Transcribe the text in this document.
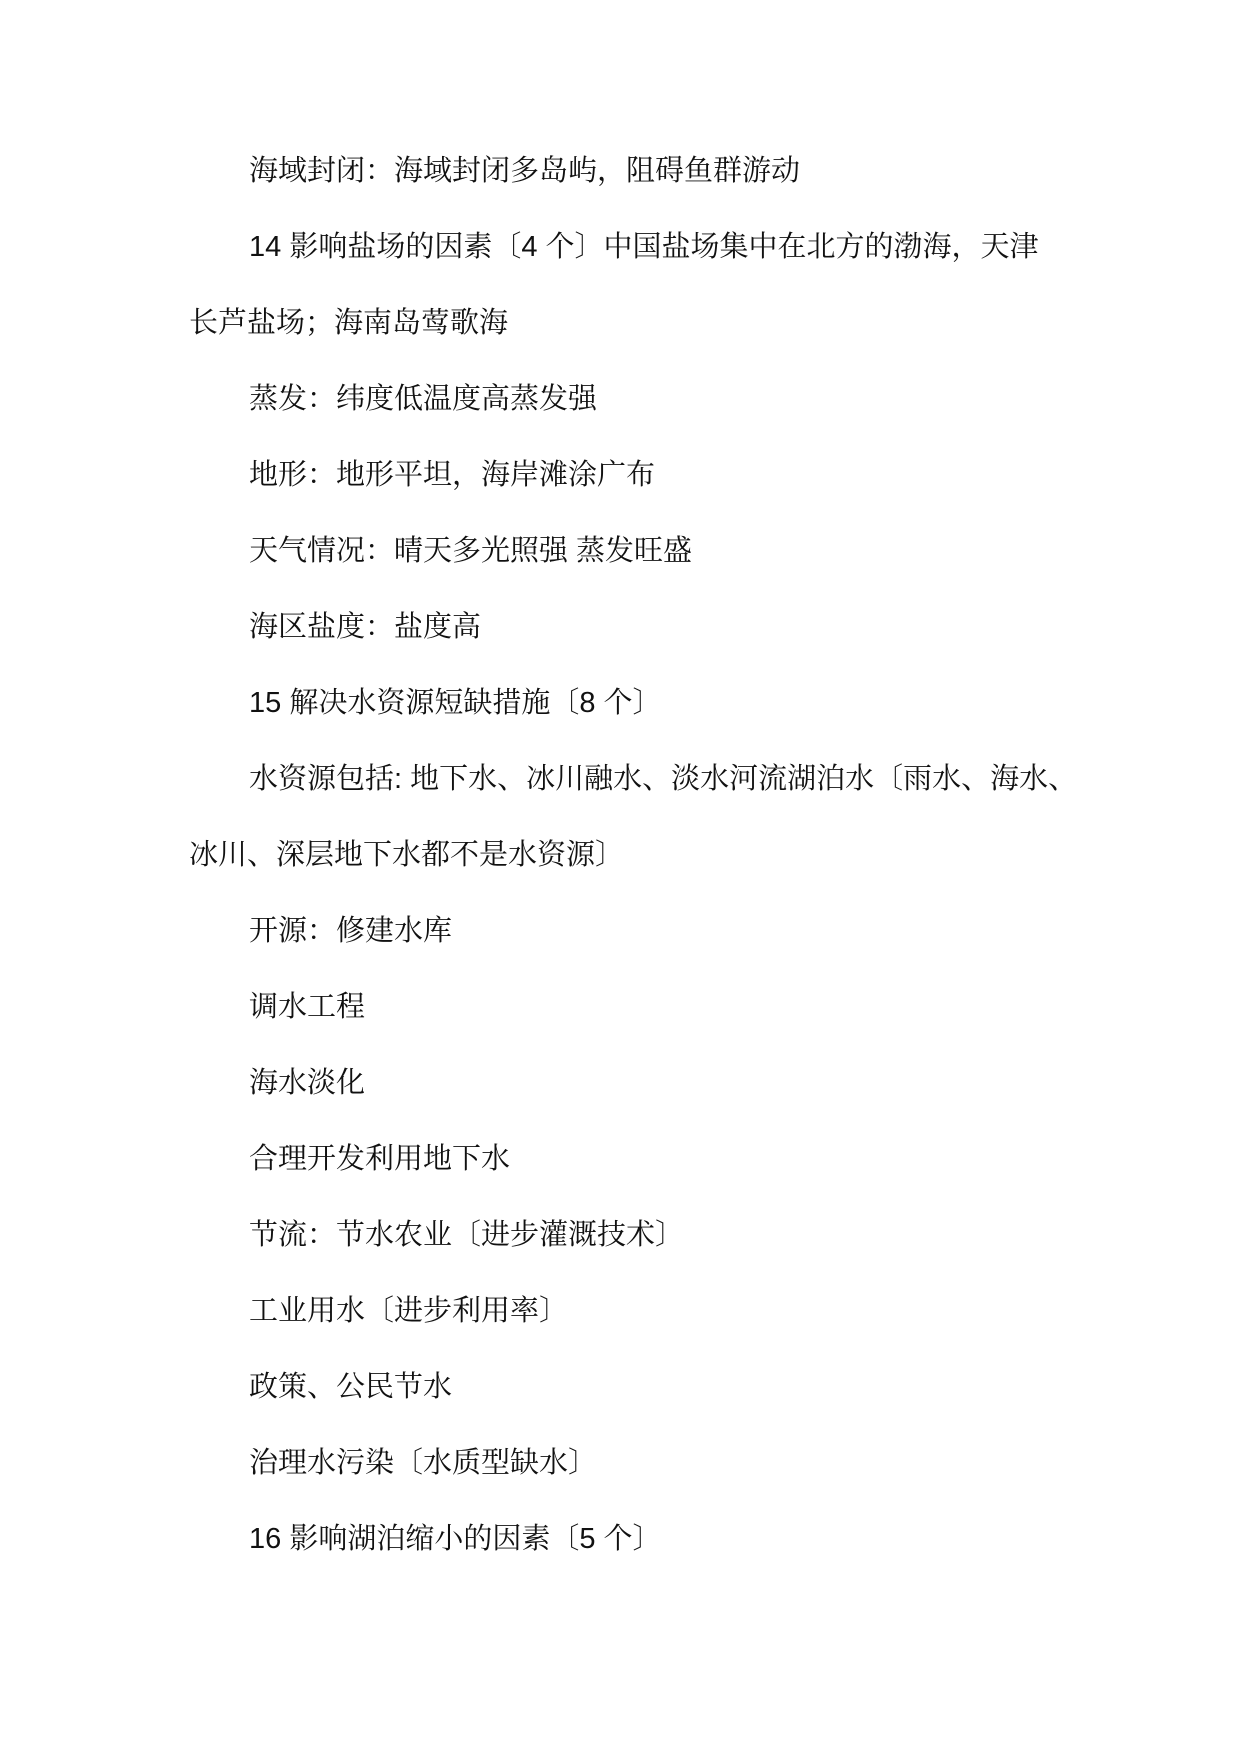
海域封闭：海域封闭多岛屿，阻碍鱼群游动
14 影响盐场的因素〔4 个〕中国盐场集中在北方的渤海，天津
长芦盐场；海南岛莺歌海
蒸发：纬度低温度高蒸发强
地形：地形平坦，海岸滩涂广布
天气情况：晴天多光照强 蒸发旺盛
海区盐度：盐度高
15 解决水资源短缺措施〔8 个〕
水资源包括: 地下水、冰川融水、淡水河流湖泊水〔雨水、海水、
冰川、深层地下水都不是水资源〕
开源：修建水库
调水工程
海水淡化
合理开发利用地下水
节流：节水农业〔进步灌溉技术〕
工业用水〔进步利用率〕
政策、公民节水
治理水污染〔水质型缺水〕
16 影响湖泊缩小的因素〔5 个〕
